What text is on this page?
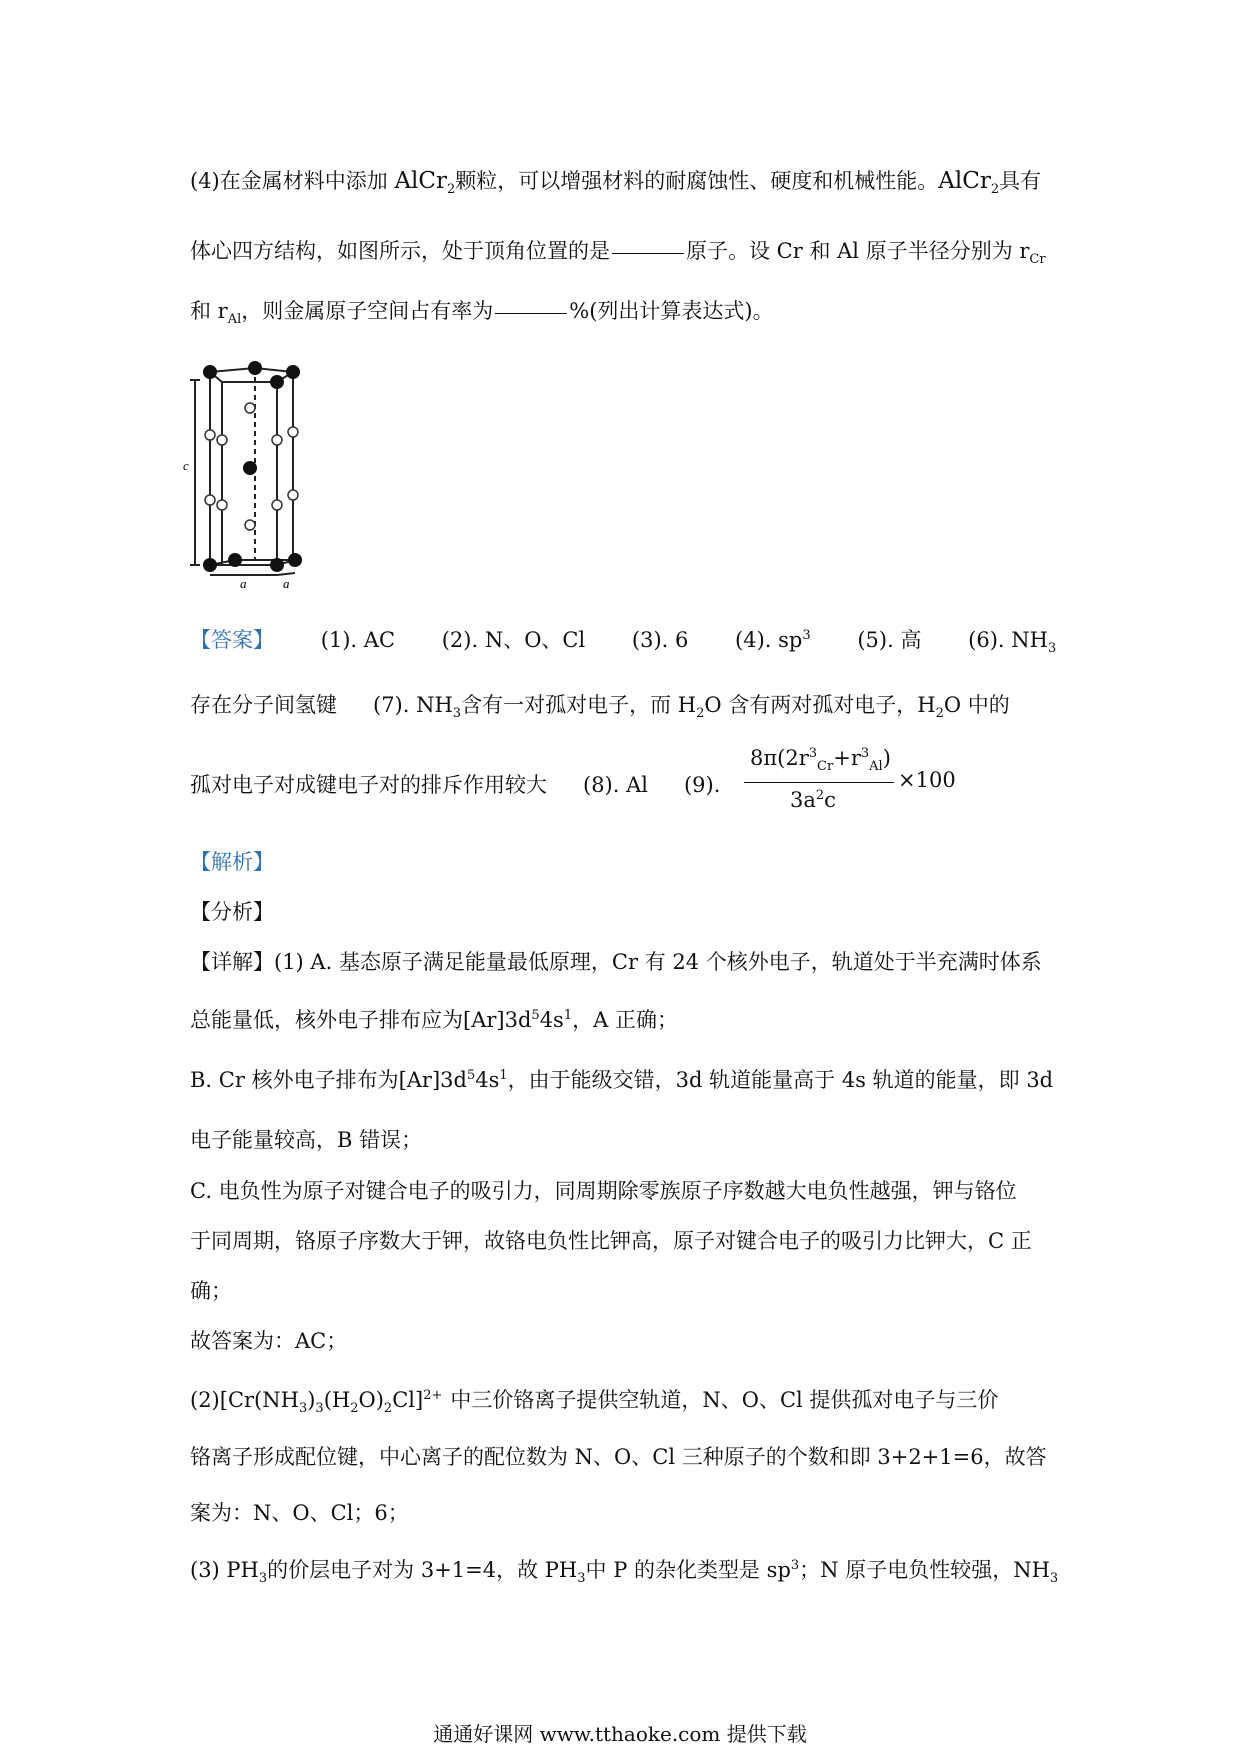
(4)在金属材料中添加 AlCr$_2$颗粒，可以增强材料的耐腐蚀性、硬度和机械性能。AlCr$_2$具有
体心四方结构，如图所示，处于顶角位置的是	原子。设 Cr 和 Al 原子半径分别为 $r_{Cr}$
和 $r_{Al}$，则金属原子空间占有率为	%(列出计算表达式)。
c
a	a
【答案】 (1). AC (2). N、O、Cl (3). 6 (4). $sp^3$ (5). 高 (6). $NH_3$
存在分子间氢键 (7). $NH_3$含有一对孤对电子，而 $H_2O$ 含有两对孤对电子，$H_2O$ 中的
孤对电子对成键电子对的排斥作用较大 (8). Al (9).
$8\pi(2r^3_{Cr}+r^3_{Al})$
$3a^2c$
×100
【解析】
【分析】
【详解】(1) A. 基态原子满足能量最低原理，Cr 有 24 个核外电子，轨道处于半充满时体系
总能量低，核外电子排布应为$[Ar]3d^54s^1$，A 正确；
B. Cr 核外电子排布为$[Ar]3d^54s^1$，由于能级交错，3d 轨道能量高于 4s 轨道的能量，即 3d
电子能量较高，B 错误；
C. 电负性为原子对键合电子的吸引力，同周期除零族原子序数越大电负性越强，钾与铬位
于同周期，铬原子序数大于钾，故铬电负性比钾高，原子对键合电子的吸引力比钾大，C 正
确；
故答案为：AC；
$(2)[Cr(NH_3)_3(H_2O)_2Cl]^{2+}$ 中三价铬离子提供空轨道，N、O、Cl 提供孤对电子与三价
铬离子形成配位键，中心离子的配位数为 N、O、Cl 三种原子的个数和即 3+2+1=6，故答
案为：N、O、Cl；6；
(3) $PH_3$的价层电子对为 3+1=4，故 $PH_3$中 P 的杂化类型是 $sp^3$；N 原子电负性较强，$NH_3$
通通好课网 www.tthaoke.com 提供下载
